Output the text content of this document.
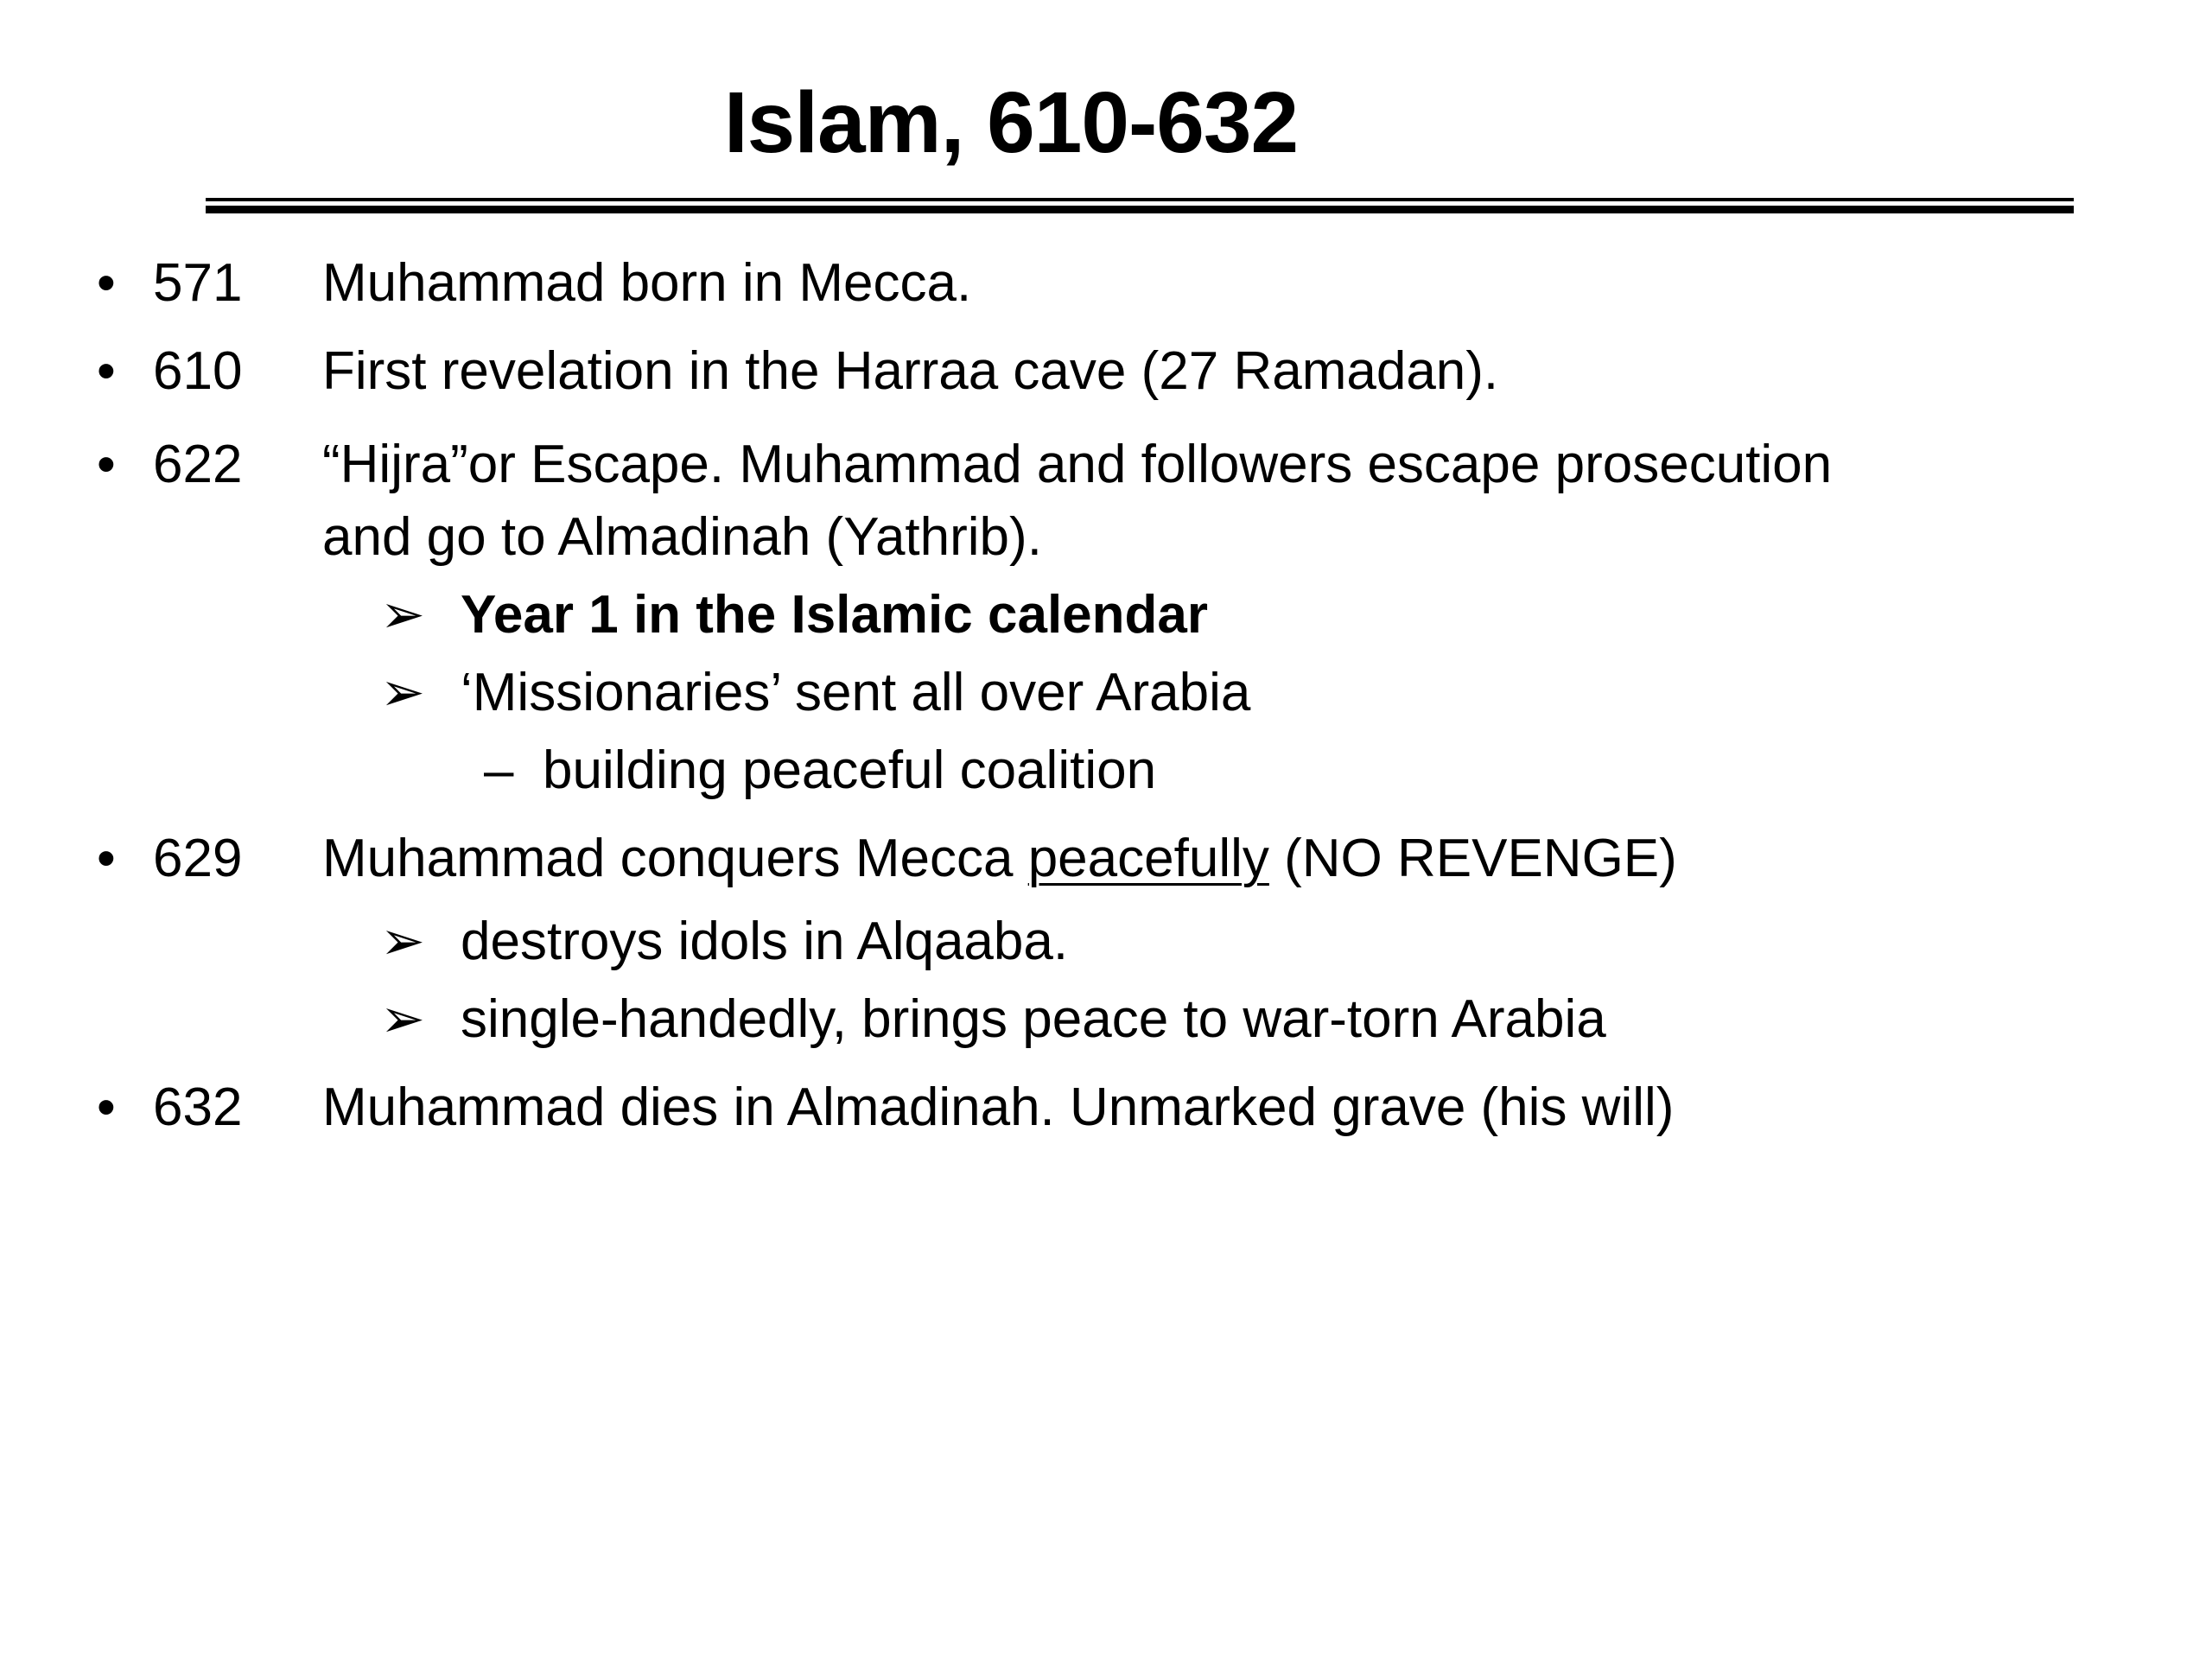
Islam, 610-632
• 571 Muhammad born in Mecca.
• 610 First revelation in the Harraa cave (27 Ramadan).
• 622 “Hijra”or Escape. Muhammad and followers escape prosecution
and go to Almadinah (Yathrib).
➢ Year 1 in the Islamic calendar
➢ ‘Missionaries’ sent all over Arabia
– building peaceful coalition
• 629 Muhammad conquers Mecca peacefully (NO REVENGE)
➢ destroys idols in Alqaaba.
➢ single-handedly, brings peace to war-torn Arabia
• 632 Muhammad dies in Almadinah. Unmarked grave (his will)
